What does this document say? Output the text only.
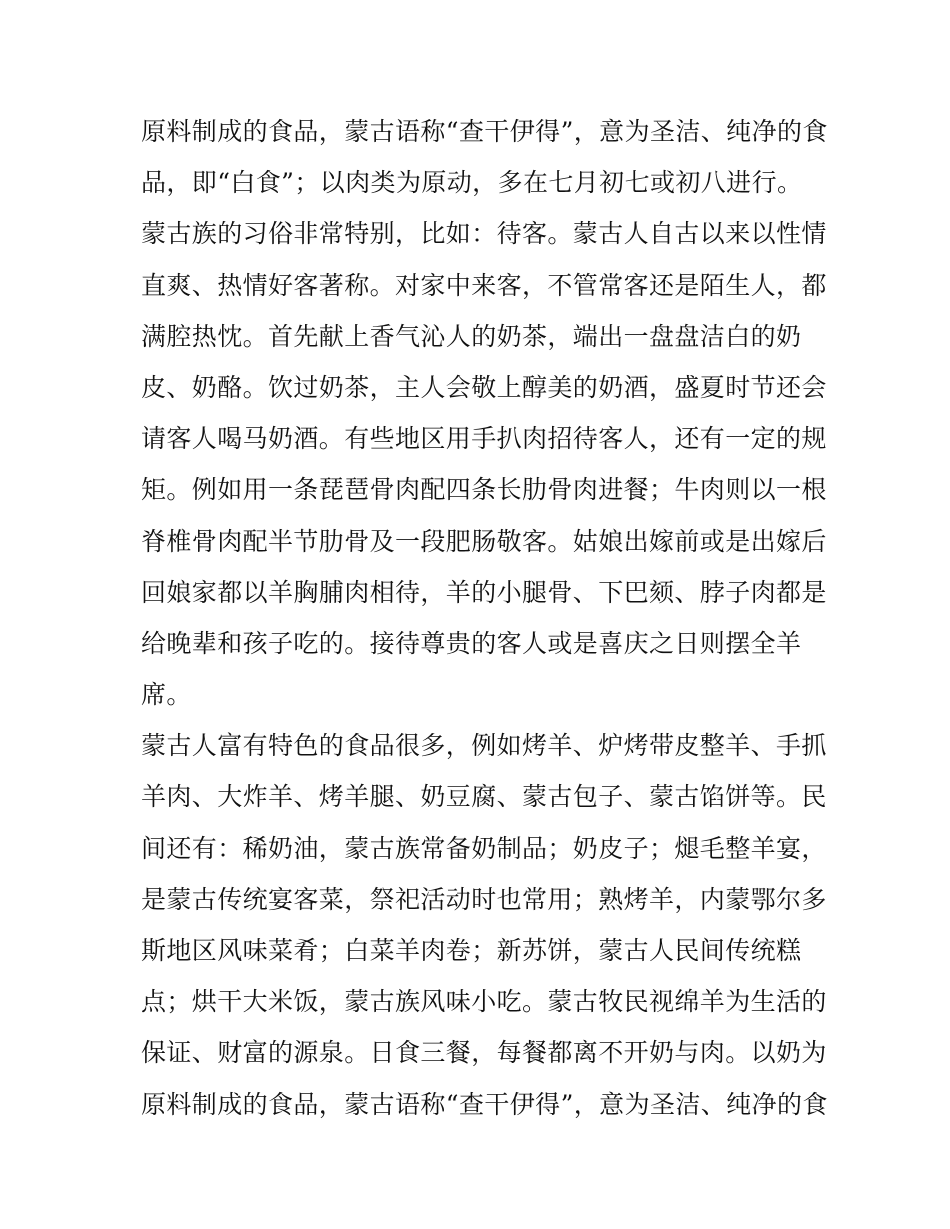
原料制成的食品，蒙古语称“查干伊得”，意为圣洁、纯净的食
品，即“白食”；以肉类为原动，多在七月初七或初八进行。
蒙古族的习俗非常特别，比如：待客。蒙古人自古以来以性情
直爽、热情好客著称。对家中来客，不管常客还是陌生人，都
满腔热忱。首先献上香气沁人的奶茶，端出一盘盘洁白的奶
皮、奶酪。饮过奶茶，主人会敬上醇美的奶酒，盛夏时节还会
请客人喝马奶酒。有些地区用手扒肉招待客人，还有一定的规
矩。例如用一条琵琶骨肉配四条长肋骨肉进餐；牛肉则以一根
脊椎骨肉配半节肋骨及一段肥肠敬客。姑娘出嫁前或是出嫁后
回娘家都以羊胸脯肉相待，羊的小腿骨、下巴颏、脖子肉都是
给晚辈和孩子吃的。接待尊贵的客人或是喜庆之日则摆全羊
席。
蒙古人富有特色的食品很多，例如烤羊、炉烤带皮整羊、手抓
羊肉、大炸羊、烤羊腿、奶豆腐、蒙古包子、蒙古馅饼等。民
间还有：稀奶油，蒙古族常备奶制品；奶皮子；煺毛整羊宴，
是蒙古传统宴客菜，祭祀活动时也常用；熟烤羊，内蒙鄂尔多
斯地区风味菜肴；白菜羊肉卷；新苏饼，蒙古人民间传统糕
点；烘干大米饭，蒙古族风味小吃。蒙古牧民视绵羊为生活的
保证、财富的源泉。日食三餐，每餐都离不开奶与肉。以奶为
原料制成的食品，蒙古语称“查干伊得”，意为圣洁、纯净的食
